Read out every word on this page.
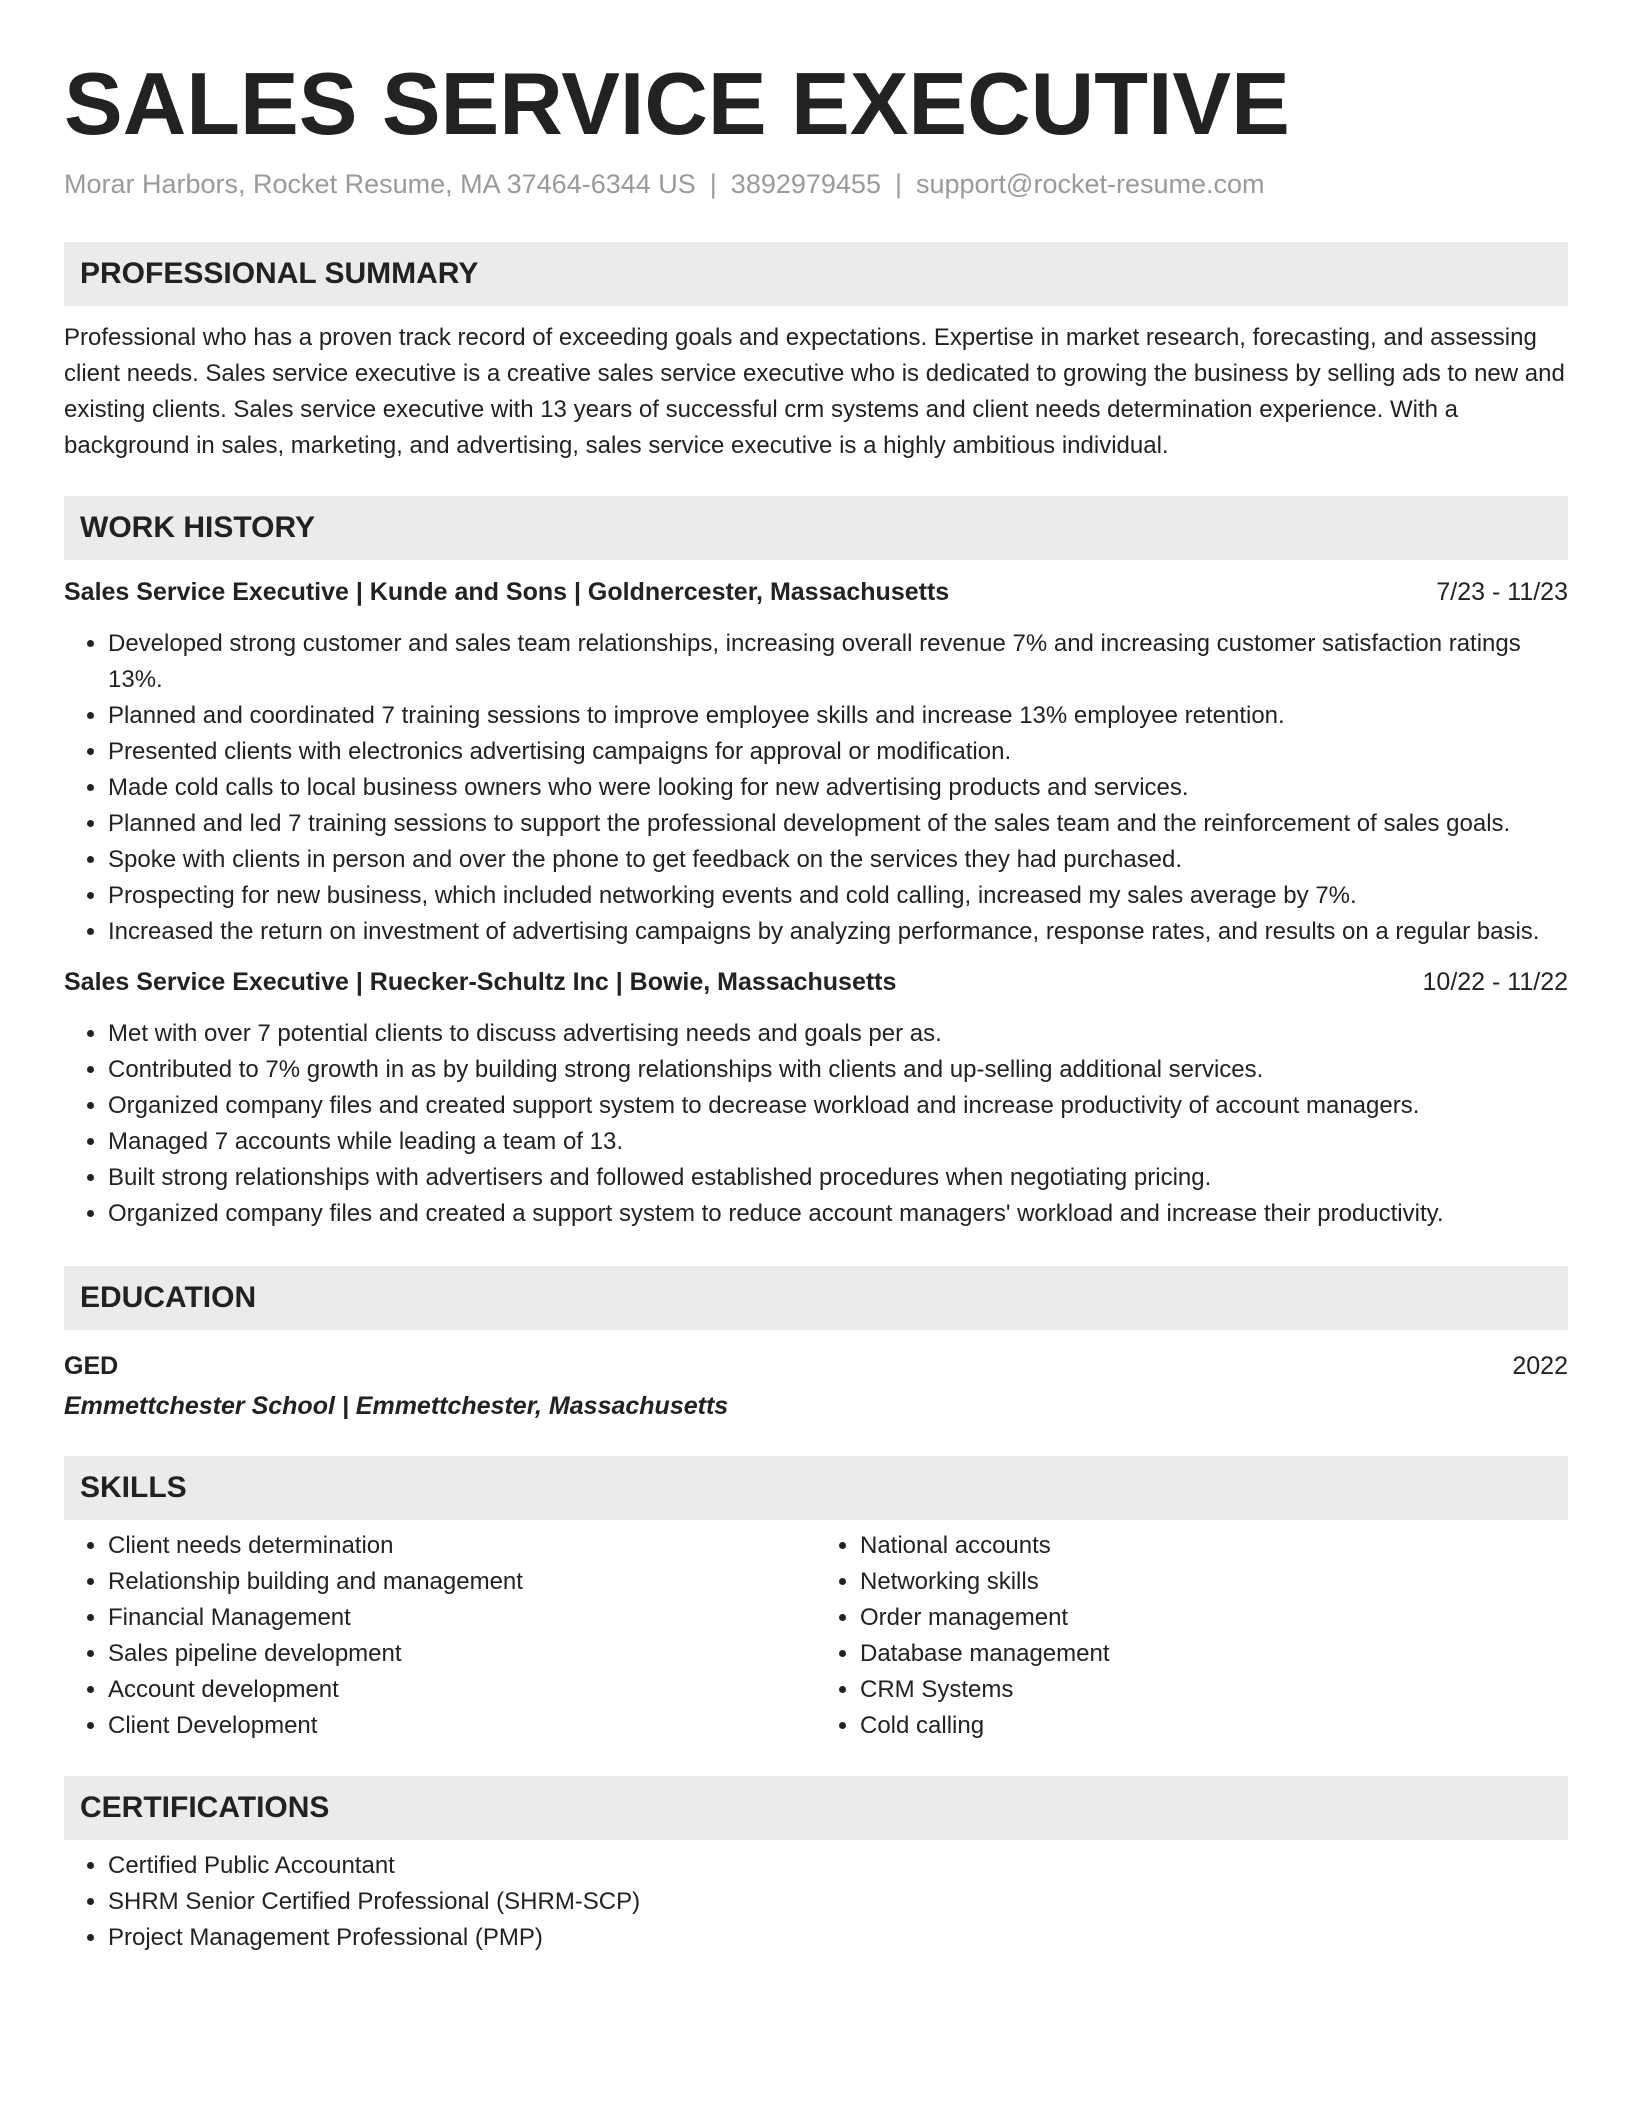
SALES SERVICE EXECUTIVE
Morar Harbors, Rocket Resume, MA 37464-6344 US | 3892979455 | support@rocket-resume.com
PROFESSIONAL SUMMARY

Professional who has a proven track record of exceeding goals and expectations. Expertise in market research, forecasting, and assessing client needs. Sales service executive is a creative sales service executive who is dedicated to growing the business by selling ads to new and existing clients. Sales service executive with 13 years of successful crm systems and client needs determination experience. With a background in sales, marketing, and advertising, sales service executive is a highly ambitious individual.

WORK HISTORY
Sales Service Executive | Kunde and Sons | Goldnercester, Massachusetts	7/23 - 11/23
• Developed strong customer and sales team relationships, increasing overall revenue 7% and increasing customer satisfaction ratings 13%.
• Planned and coordinated 7 training sessions to improve employee skills and increase 13% employee retention.
• Presented clients with electronics advertising campaigns for approval or modification.
• Made cold calls to local business owners who were looking for new advertising products and services.
• Planned and led 7 training sessions to support the professional development of the sales team and the reinforcement of sales goals.
• Spoke with clients in person and over the phone to get feedback on the services they had purchased.
• Prospecting for new business, which included networking events and cold calling, increased my sales average by 7%.
• Increased the return on investment of advertising campaigns by analyzing performance, response rates, and results on a regular basis.
Sales Service Executive | Ruecker-Schultz Inc | Bowie, Massachusetts	10/22 - 11/22
• Met with over 7 potential clients to discuss advertising needs and goals per as.
• Contributed to 7% growth in as by building strong relationships with clients and up-selling additional services.
• Organized company files and created support system to decrease workload and increase productivity of account managers.
• Managed 7 accounts while leading a team of 13.
• Built strong relationships with advertisers and followed established procedures when negotiating pricing.
• Organized company files and created a support system to reduce account managers' workload and increase their productivity.
EDUCATION
GED	2022
Emmettchester School | Emmettchester, Massachusetts
SKILLS
• Client needs determination
• Relationship building and management
• Financial Management
• Sales pipeline development
• Account development
• Client Development
• National accounts
• Networking skills
• Order management
• Database management
• CRM Systems
• Cold calling
CERTIFICATIONS
• Certified Public Accountant
• SHRM Senior Certified Professional (SHRM-SCP)
• Project Management Professional (PMP)
